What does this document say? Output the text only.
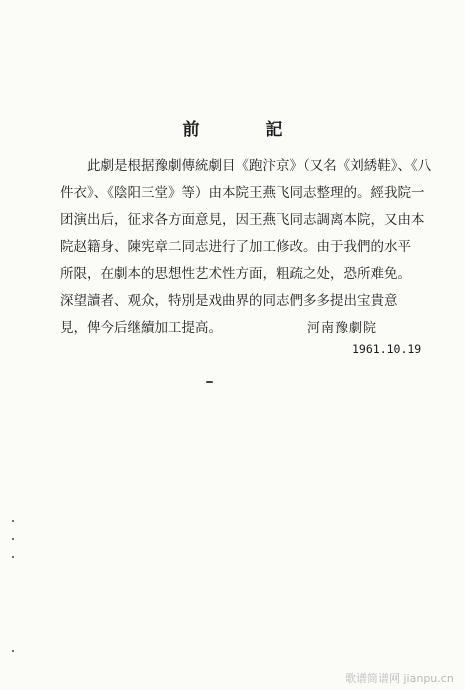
前 記
此劇是根据豫劇傳統劇目《跑汴京》（又名《刘綉鞋》、《八
件衣》、《陰阳三堂》等）由本院王燕飞同志整理的。經我院一
团演出后，征求各方面意見，因王燕飞同志調离本院，又由本
院赵籍身、陳宪章二同志进行了加工修改。由于我們的水平
所限，在劇本的思想性艺术性方面，粗疏之处，恐所难免。
深望讀者、观众，特別是戏曲界的同志們多多提出宝貴意
見，俾今后继續加工提高。	河南豫劇院
1961.10.19
歌谱简谱网 jianpu.cn
